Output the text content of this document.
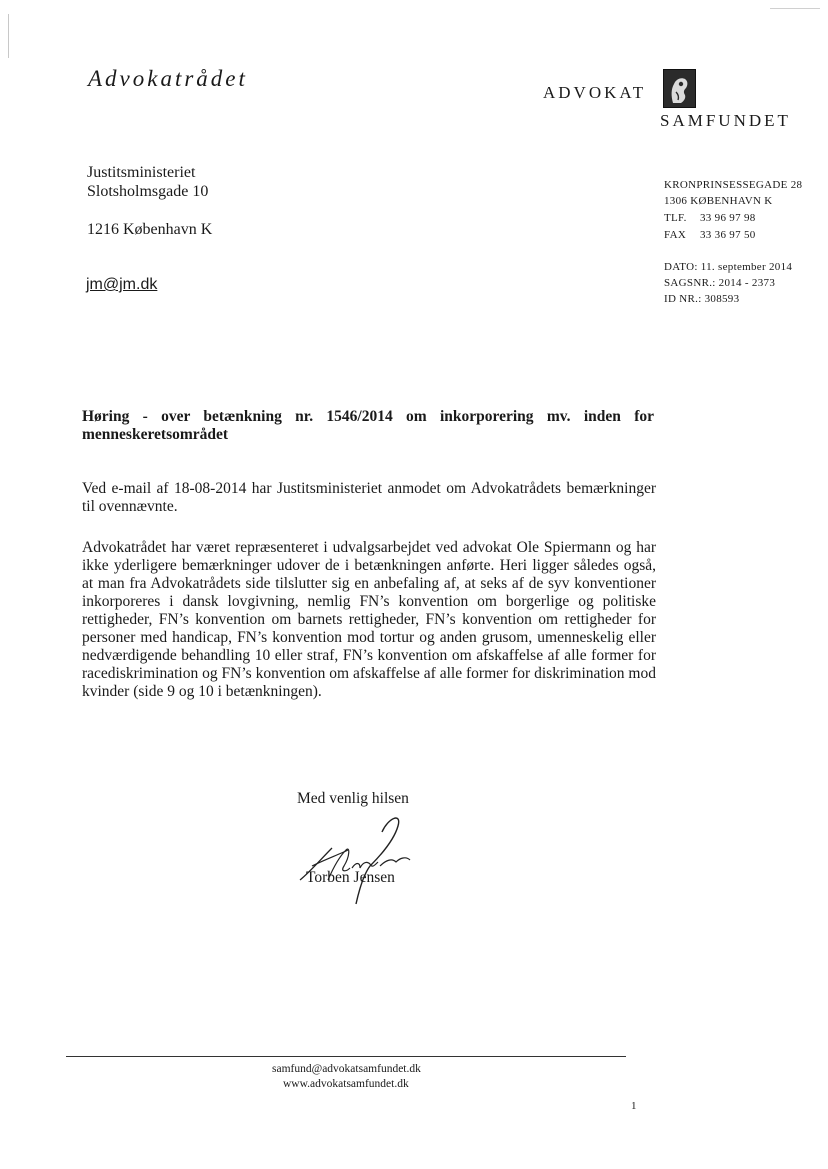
Advokatrådet
ADVOKAT
SAMFUNDET
Justitsministeriet
Slotsholmsgade 10
1216 København K
jm@jm.dk
KRONPRINSESSEGADE 28
1306 KØBENHAVN K
TLF. 33 96 97 98
FAX 33 36 97 50
DATO: 11. september 2014
SAGSNR.: 2014 - 2373
ID NR.: 308593
Høring - over betænkning nr. 1546/2014 om inkorporering mv. inden for menneskeretsområdet
Ved e-mail af 18-08-2014 har Justitsministeriet anmodet om Advokatrådets bemærkninger til ovennævnte.
Advokatrådet har været repræsenteret i udvalgsarbejdet ved advokat Ole Spiermann og har ikke yderligere bemærkninger udover de i betænkningen anførte. Heri ligger således også, at man fra Advokatrådets side tilslutter sig en anbefaling af, at seks af de syv konventioner inkorporeres i dansk lovgivning, nemlig FN’s konvention om borgerlige og politiske rettigheder, FN’s konvention om barnets rettigheder, FN’s konvention om rettigheder for personer med handicap, FN’s konvention mod tortur og anden grusom, umenneskelig eller nedværdigende behandling 10 eller straf, FN’s konvention om afskaffelse af alle former for racediskrimination og FN’s konvention om afskaffelse af alle former for diskrimination mod kvinder (side 9 og 10 i betænkningen).
Med venlig hilsen
Torben Jensen
samfund@advokatsamfundet.dk
www.advokatsamfundet.dk
1
